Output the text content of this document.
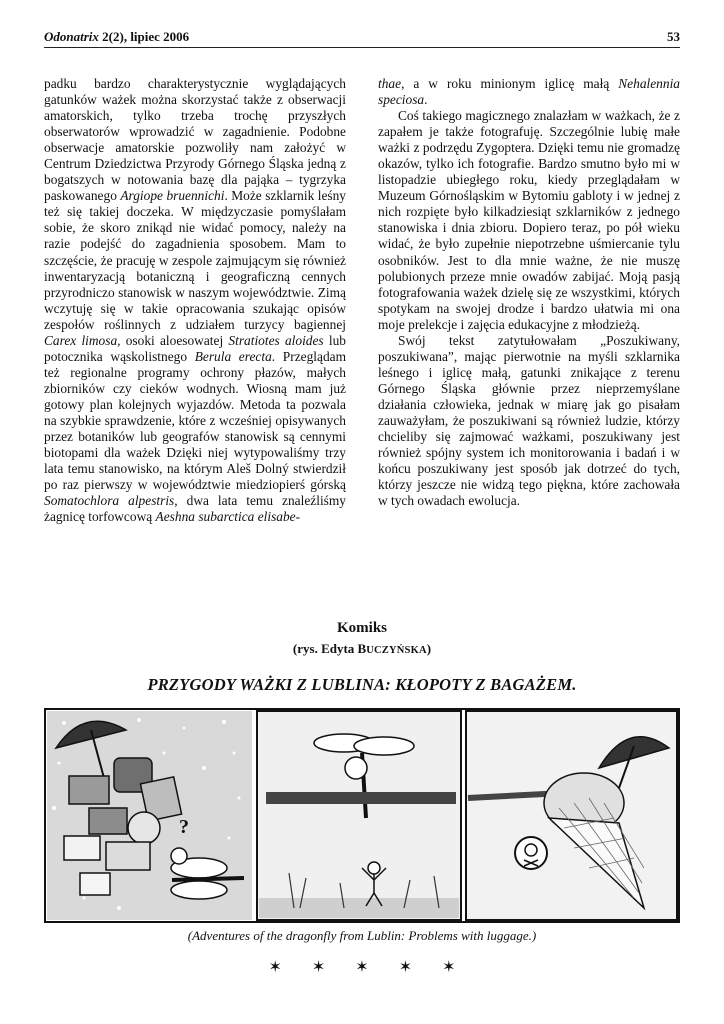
Odonatrix 2(2), lipiec 2006	53

padku bardzo charakterystycznie wyglądających gatunków ważek można skorzystać także z obserwacji amatorskich, tylko trzeba trochę przyszłych obserwatorów wprowadzić w zagadnienie. Podobne obserwacje amatorskie pozwoliły nam założyć w Centrum Dziedzictwa Przyrody Górnego Śląska jedną z bogatszych w notowania bazę dla pająka – tygrzyka paskowanego Argiope bruennichi. Może szklarnik leśny też się takiej doczeka. W międzyczasie pomyślałam sobie, że skoro znikąd nie widać pomocy, należy na razie podejść do zagadnienia sposobem. Mam to szczęście, że pracuję w zespole zajmującym się również inwentaryzacją botaniczną i geograficzną cennych przyrodniczo stanowisk w naszym województwie. Zimą wczytuję się w takie opracowania szukając opisów zespołów roślinnych z udziałem turzycy bagiennej Carex limosa, osoki aloesowatej Stratiotes aloides lub potocznika wąskolistnego Berula erecta. Przeglądam też regionalne programy ochrony płazów, małych zbiorników czy cieków wodnych. Wiosną mam już gotowy plan kolejnych wyjazdów. Metoda ta pozwala na szybkie sprawdzenie, które z wcześniej opisywanych przez botaników lub geografów stanowisk są cennymi biotopami dla ważek Dzięki niej wytypowaliśmy trzy lata temu stanowisko, na którym Aleš Dolný stwierdził po raz pierwszy w województwie miedziopierś górską Somatochlora alpestris, dwa lata temu znaleźliśmy żagnicę torfowcową Aeshna subarctica elisabe-

thae, a w roku minionym iglicę małą Nehalennia speciosa.

Coś takiego magicznego znalazłam w ważkach, że z zapałem je także fotografuję. Szczególnie lubię małe ważki z podrzędu Zygoptera. Dzięki temu nie gromadzę okazów, tylko ich fotografie. Bardzo smutno było mi w listopadzie ubiegłego roku, kiedy przeglądałam w Muzeum Górnośląskim w Bytomiu gabloty i w jednej z nich rozpięte było kilkadziesiąt szklarników z jednego stanowiska i dnia zbioru. Dopiero teraz, po pół wieku widać, że było zupełnie niepotrzebne uśmiercanie tylu osobników. Jest to dla mnie ważne, że nie muszę polubionych przeze mnie owadów zabijać. Moją pasją fotografowania ważek dzielę się ze wszystkimi, których spotykam na swojej drodze i bardzo ułatwia mi ona moje prelekcje i zajęcia edukacyjne z młodzieżą.

Swój tekst zatytułowałam „Poszukiwany, poszukiwana”, mając pierwotnie na myśli szklarnika leśnego i iglicę małą, gatunki znikające z terenu Górnego Śląska głównie przez nieprzemyślane działania człowieka, jednak w miarę jak go pisałam zauważyłam, że poszukiwani są również ludzie, którzy chcieliby się zajmować ważkami, poszukiwany jest również spójny system ich monitorowania i badań i w końcu poszukiwany jest sposób jak dotrzeć do tych, którzy jeszcze nie widzą tego piękna, które zachowała w tych owadach ewolucja.

Komiks
(rys. Edyta BUCZYŃSKA)
PRZYGODY WAŻKI Z LUBLINA: KŁOPOTY Z BAGAŻEM.
?
(Adventures of the dragonfly from Lublin: Problems with luggage.)
✶ ✶ ✶ ✶ ✶
